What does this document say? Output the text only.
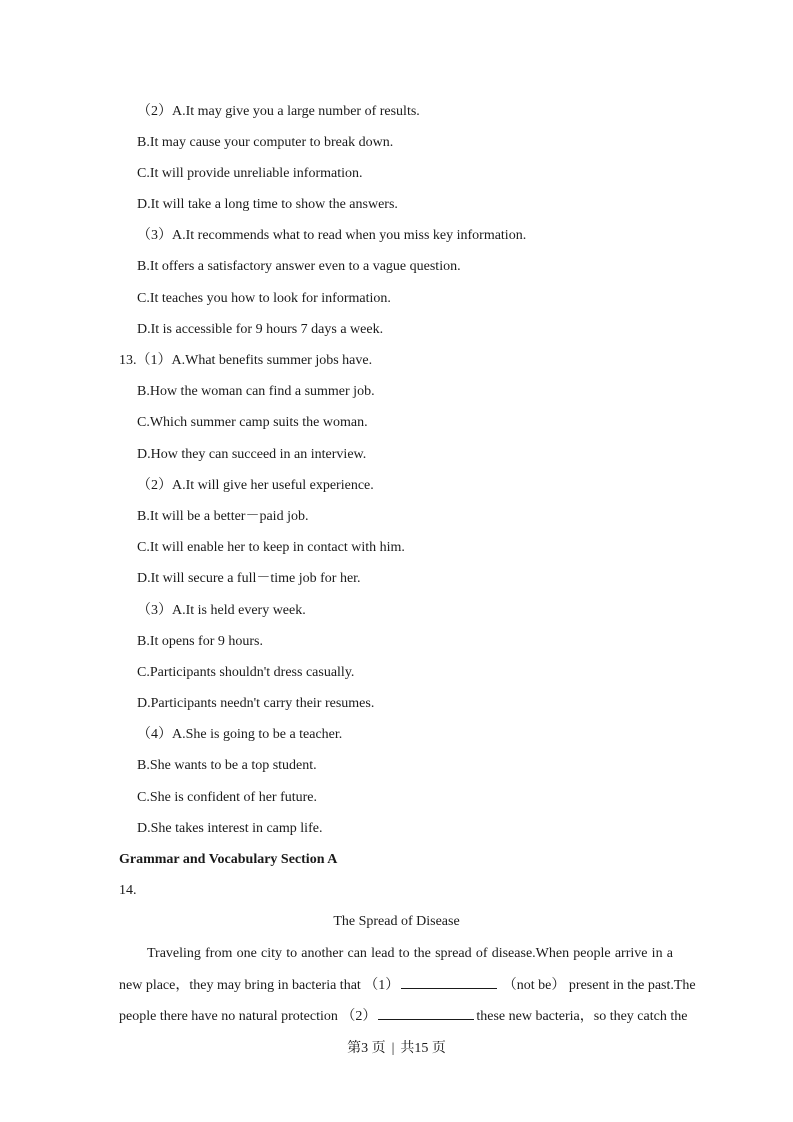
（2）A.It may give you a large number of results.
B.It may cause your computer to break down.
C.It will provide unreliable information.
D.It will take a long time to show the answers.
（3）A.It recommends what to read when you miss key information.
B.It offers a satisfactory answer even to a vague question.
C.It teaches you how to look for information.
D.It is accessible for 9 hours 7 days a week.
13.（1）A.What benefits summer jobs have.
B.How the woman can find a summer job.
C.Which summer camp suits the woman.
D.How they can succeed in an interview.
（2）A.It will give her useful experience.
B.It will be a better－paid job.
C.It will enable her to keep in contact with him.
D.It will secure a full－time job for her.
（3）A.It is held every week.
B.It opens for 9 hours.
C.Participants shouldn't dress casually.
D.Participants needn't carry their resumes.
（4）A.She is going to be a teacher.
B.She wants to be a top student.
C.She is confident of her future.
D.She takes interest in camp life.
Grammar and Vocabulary Section A
14.
The Spread of Disease
Traveling from one city to another can lead to the spread of disease.When people arrive in a
new place，they may bring in bacteria that （1）	（not be） present in the past.The
people there have no natural protection （2）	these new bacteria，so they catch the
第3 页 | 共15 页
